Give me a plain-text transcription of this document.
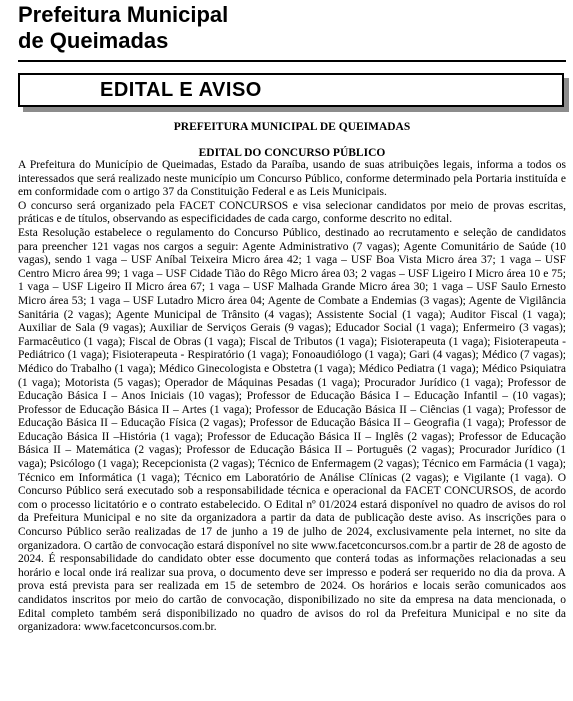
Prefeitura Municipal
de Queimadas
EDITAL E AVISO
PREFEITURA MUNICIPAL DE QUEIMADAS
EDITAL DO CONCURSO PÚBLICO

A Prefeitura do Município de Queimadas, Estado da Paraíba, usando de suas atribuições legais, informa a todos os interessados que será realizado neste município um Concurso Público, conforme determinado pela Portaria instituída e em conformidade com o artigo 37 da Constituição Federal e as Leis Municipais.

O concurso será organizado pela FACET CONCURSOS e visa selecionar candidatos por meio de provas escritas, práticas e de títulos, observando as especificidades de cada cargo, conforme descrito no edital.

Esta Resolução estabelece o regulamento do Concurso Público, destinado ao recrutamento e seleção de candidatos para preencher 121 vagas nos cargos a seguir: Agente Administrativo (7 vagas); Agente Comunitário de Saúde (10 vagas), sendo 1 vaga – USF Aníbal Teixeira Micro área 42; 1 vaga – USF Boa Vista Micro área 37; 1 vaga – USF Centro Micro área 99; 1 vaga – USF Cidade Tião do Rêgo Micro área 03; 2 vagas – USF Ligeiro I Micro área 10 e 75; 1 vaga – USF Ligeiro II Micro área 67; 1 vaga – USF Malhada Grande Micro área 30; 1 vaga – USF Saulo Ernesto Micro área 53; 1 vaga – USF Lutadro Micro área 04; Agente de Combate a Endemias (3 vagas); Agente de Vigilância Sanitária (2 vagas); Agente Municipal de Trânsito (4 vagas); Assistente Social (1 vaga); Auditor Fiscal (1 vaga); Auxiliar de Sala (9 vagas); Auxiliar de Serviços Gerais (9 vagas); Educador Social (1 vaga); Enfermeiro (3 vagas); Farmacêutico (1 vaga); Fiscal de Obras (1 vaga); Fiscal de Tributos (1 vaga); Fisioterapeuta (1 vaga); Fisioterapeuta - Pediátrico (1 vaga); Fisioterapeuta - Respiratório (1 vaga); Fonoaudiólogo (1 vaga); Gari (4 vagas); Médico (7 vagas); Médico do Trabalho (1 vaga); Médico Ginecologista e Obstetra (1 vaga); Médico Pediatra (1 vaga); Médico Psiquiatra (1 vaga); Motorista (5 vagas); Operador de Máquinas Pesadas (1 vaga); Procurador Jurídico (1 vaga); Professor de Educação Básica I – Anos Iniciais (10 vagas); Professor de Educação Básica I – Educação Infantil – (10 vagas); Professor de Educação Básica II – Artes (1 vaga); Professor de Educação Básica II – Ciências (1 vaga); Professor de Educação Básica II – Educação Física (2 vagas); Professor de Educação Básica II – Geografia (1 vaga); Professor de Educação Básica II –História (1 vaga); Professor de Educação Básica II – Inglês (2 vagas); Professor de Educação Básica II – Matemática (2 vagas); Professor de Educação Básica II – Português (2 vagas); Procurador Jurídico (1 vaga); Psicólogo (1 vaga); Recepcionista (2 vagas); Técnico de Enfermagem (2 vagas); Técnico em Farmácia (1 vaga); Técnico em Informática (1 vaga); Técnico em Laboratório de Análise Clínicas (2 vagas); e Vigilante (1 vaga). O Concurso Público será executado sob a responsabilidade técnica e operacional da FACET CONCURSOS, de acordo com o processo licitatório e o contrato estabelecido. O Edital nº 01/2024 estará disponível no quadro de avisos do rol da Prefeitura Municipal e no site da organizadora a partir da data de publicação deste aviso. As inscrições para o Concurso Público serão realizadas de 17 de junho a 19 de julho de 2024, exclusivamente pela internet, no site da organizadora. O cartão de convocação estará disponível no site www.facetconcursos.com.br a partir de 28 de agosto de 2024. É responsabilidade do candidato obter esse documento que conterá todas as informações relacionadas a seu horário e local onde irá realizar sua prova, o documento deve ser impresso e poderá ser requerido no dia da prova. A prova está prevista para ser realizada em 15 de setembro de 2024. Os horários e locais serão comunicados aos candidatos inscritos por meio do cartão de convocação, disponibilizado no site da empresa na data mencionada, o Edital completo também será disponibilizado no quadro de avisos do rol da Prefeitura Municipal e no site da organizadora: www.facetconcursos.com.br.
